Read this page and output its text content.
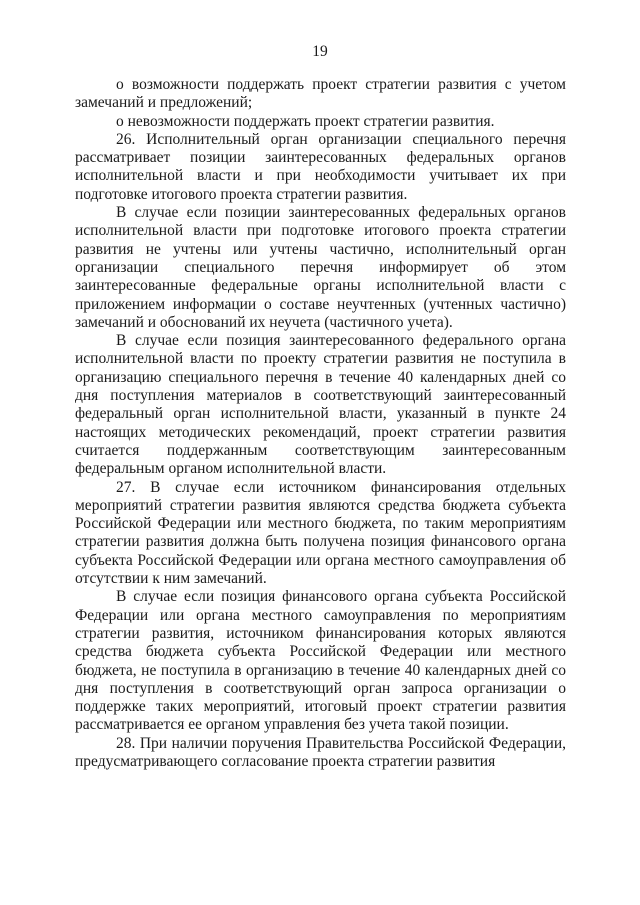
19

о возможности поддержать проект стратегии развития с учетом замечаний и предложений;

о невозможности поддержать проект стратегии развития.

26. Исполнительный орган организации специального перечня рассматривает позиции заинтересованных федеральных органов исполнительной власти и при необходимости учитывает их при подготовке итогового проекта стратегии развития.

В случае если позиции заинтересованных федеральных органов исполнительной власти при подготовке итогового проекта стратегии развития не учтены или учтены частично, исполнительный орган организации специального перечня информирует об этом заинтересованные федеральные органы исполнительной власти с приложением информации о составе неучтенных (учтенных частично) замечаний и обоснований их неучета (частичного учета).

В случае если позиция заинтересованного федерального органа исполнительной власти по проекту стратегии развития не поступила в организацию специального перечня в течение 40 календарных дней со дня поступления материалов в соответствующий заинтересованный федеральный орган исполнительной власти, указанный в пункте 24 настоящих методических рекомендаций, проект стратегии развития считается поддержанным соответствующим заинтересованным федеральным органом исполнительной власти.

27. В случае если источником финансирования отдельных мероприятий стратегии развития являются средства бюджета субъекта Российской Федерации или местного бюджета, по таким мероприятиям стратегии развития должна быть получена позиция финансового органа субъекта Российской Федерации или органа местного самоуправления об отсутствии к ним замечаний.

В случае если позиция финансового органа субъекта Российской Федерации или органа местного самоуправления по мероприятиям стратегии развития, источником финансирования которых являются средства бюджета субъекта Российской Федерации или местного бюджета, не поступила в организацию в течение 40 календарных дней со дня поступления в соответствующий орган запроса организации о поддержке таких мероприятий, итоговый проект стратегии развития рассматривается ее органом управления без учета такой позиции.

28. При наличии поручения Правительства Российской Федерации, предусматривающего согласование проекта стратегии развития
